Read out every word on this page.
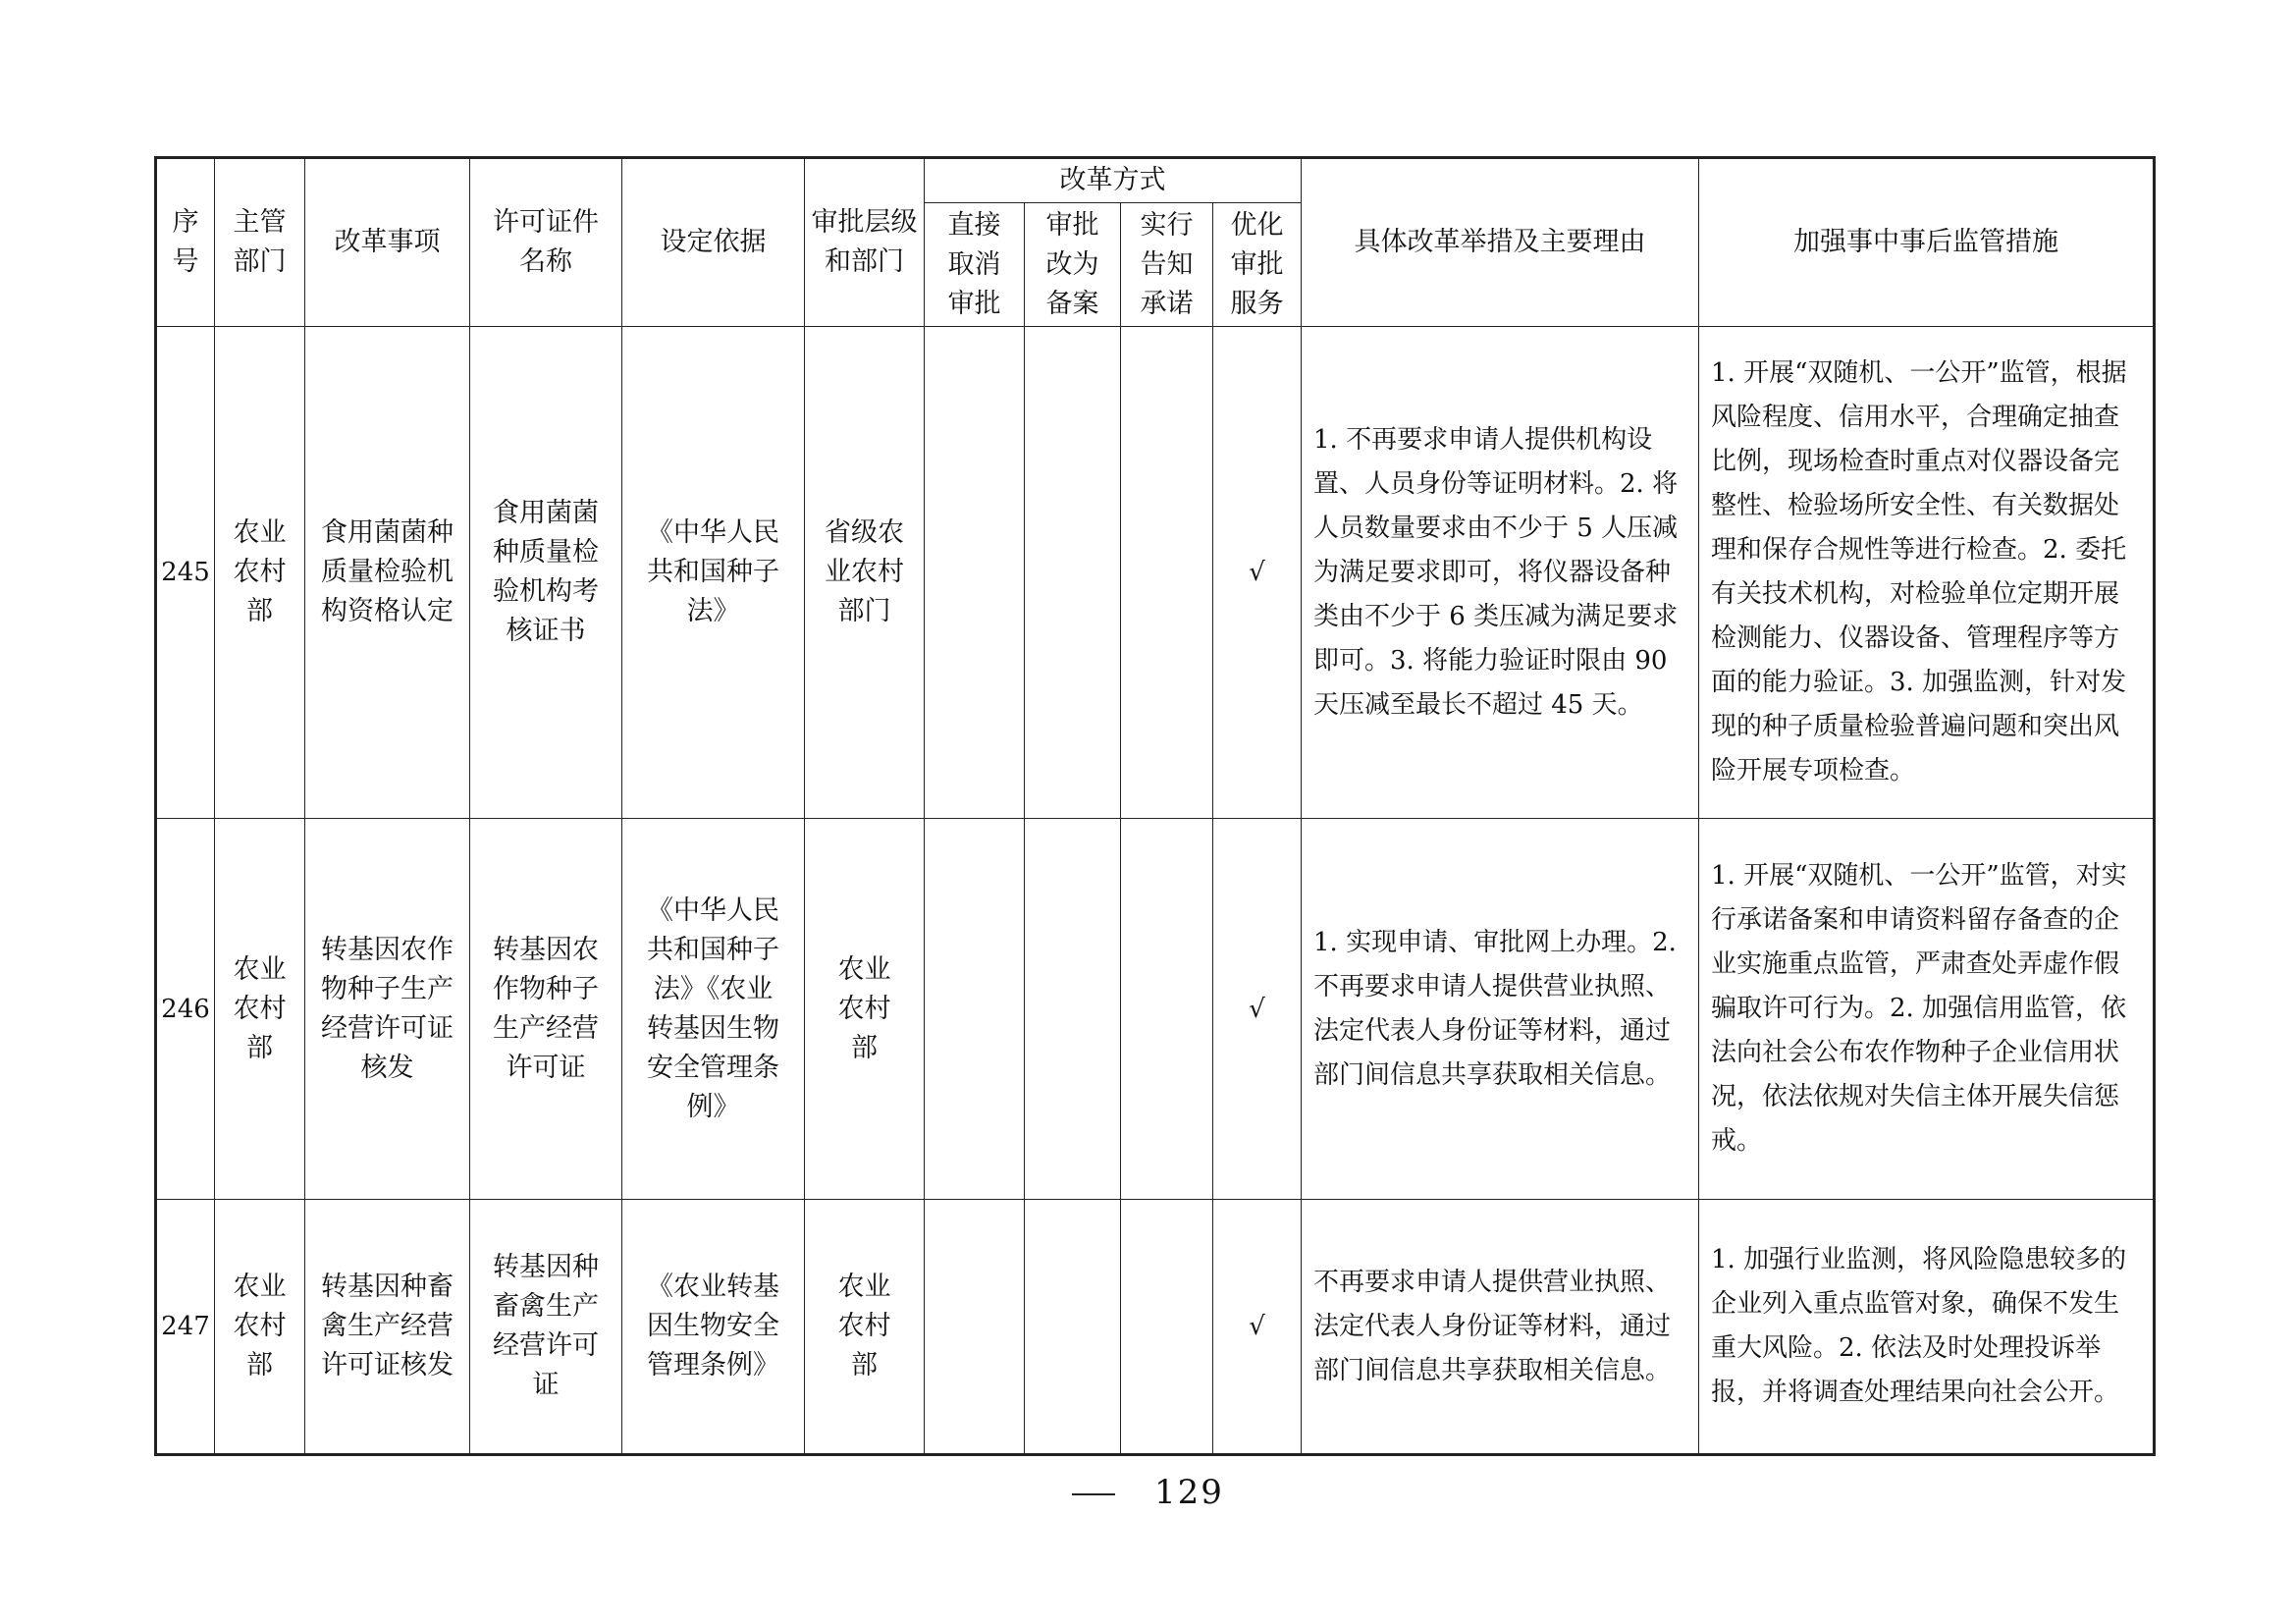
序号	主管部门	改革事项	许可证件名称	设定依据	审批层级和部门	改革方式				具体改革举措及主要理由	加强事中事后监管措施
						直接取消审批	审批改为备案	实行告知承诺	优化审批服务		
245	农业农村部	食用菌菌种质量检验机构资格认定	食用菌菌种质量检验机构考核证书	《中华人民共和国种子法》	省级农业农村部门				√	1. 不再要求申请人提供机构设置、人员身份等证明材料。2. 将人员数量要求由不少于 5 人压减为满足要求即可，将仪器设备种类由不少于 6 类压减为满足要求即可。3. 将能力验证时限由 90 天压减至最长不超过 45 天。	1. 开展“双随机、一公开”监管，根据风险程度、信用水平，合理确定抽查比例，现场检查时重点对仪器设备完整性、检验场所安全性、有关数据处理和保存合规性等进行检查。2. 委托有关技术机构，对检验单位定期开展检测能力、仪器设备、管理程序等方面的能力验证。3. 加强监测，针对发现的种子质量检验普遍问题和突出风险开展专项检查。
246	农业农村部	转基因农作物种子生产经营许可证核发	转基因农作物种子生产经营许可证	《中华人民共和国种子法》《农业转基因生物安全管理条例》	农业农村部				√	1. 实现申请、审批网上办理。2. 不再要求申请人提供营业执照、法定代表人身份证等材料，通过部门间信息共享获取相关信息。	1. 开展“双随机、一公开”监管，对实行承诺备案和申请资料留存备查的企业实施重点监管，严肃查处弄虚作假骗取许可行为。2. 加强信用监管，依法向社会公布农作物种子企业信用状况，依法依规对失信主体开展失信惩戒。
247	农业农村部	转基因种畜禽生产经营许可证核发	转基因种畜禽生产经营许可证	《农业转基因生物安全管理条例》	农业农村部				√	不再要求申请人提供营业执照、法定代表人身份证等材料，通过部门间信息共享获取相关信息。	1. 加强行业监测，将风险隐患较多的企业列入重点监管对象，确保不发生重大风险。2. 依法及时处理投诉举报，并将调查处理结果向社会公开。
129
